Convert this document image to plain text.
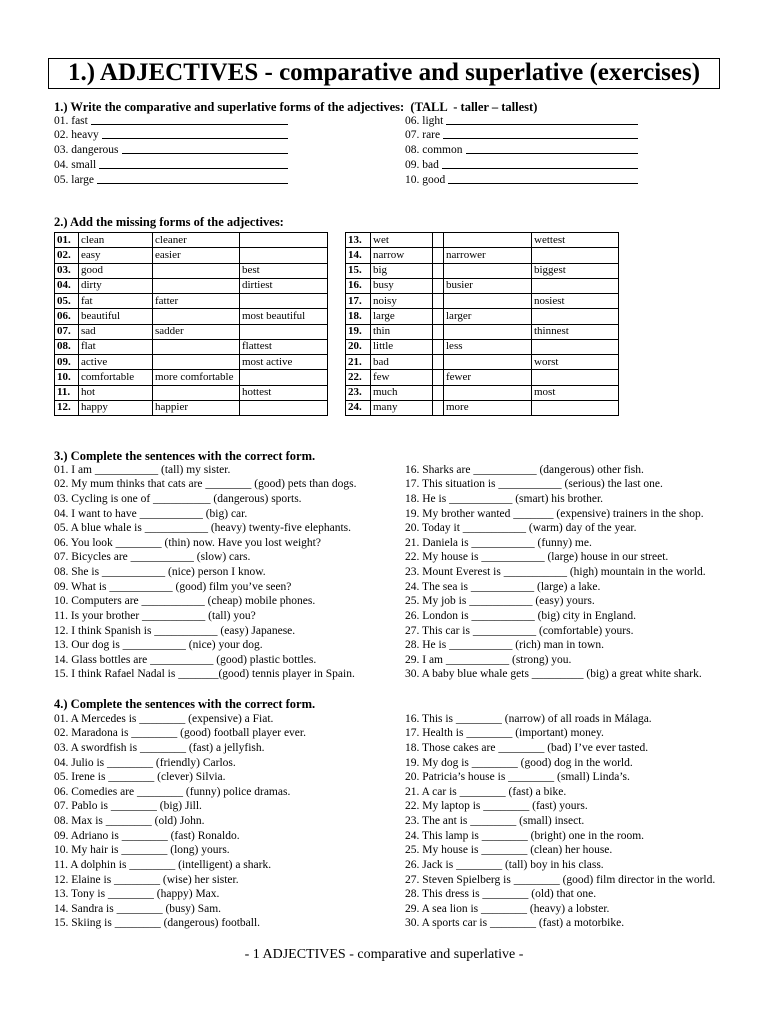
1.) ADJECTIVES - comparative and superlative (exercises)
1.) Write the comparative and superlative forms of the adjectives:  (TALL  - taller – tallest)
01. fast
02. heavy
03. dangerous
04. small
05. large
06. light
07. rare
08. common
09. bad
10. good
2.) Add the missing forms of the adjectives:
01.	clean	cleaner	
02.	easy	easier	
03.	good		best
04.	dirty		dirtiest
05.	fat	fatter	
06.	beautiful		most beautiful
07.	sad	sadder	
08.	flat		flattest
09.	active		most active
10.	comfortable	more comfortable	
11.	hot		hottest
12.	happy	happier	
13.	wet			wettest
14.	narrow		narrower	
15.	big			biggest
16.	busy		busier	
17.	noisy			nosiest
18.	large		larger	
19.	thin			thinnest
20.	little		less	
21.	bad			worst
22.	few		fewer	
23.	much			most
24.	many		more	
3.) Complete the sentences with the correct form.
01. I am ___________ (tall) my sister.
02. My mum thinks that cats are ________ (good) pets than dogs.
03. Cycling is one of __________ (dangerous) sports.
04. I want to have ___________ (big) car.
05. A blue whale is ___________ (heavy) twenty-five elephants.
06. You look ________ (thin) now. Have you lost weight?
07. Bicycles are ___________ (slow) cars.
08. She is ___________ (nice) person I know.
09. What is ___________ (good) film you’ve seen?
10. Computers are ___________ (cheap) mobile phones.
11. Is your brother ___________ (tall) you?
12. I think Spanish is ___________ (easy) Japanese.
13. Our dog is ___________ (nice) your dog.
14. Glass bottles are ___________ (good) plastic bottles.
15. I think Rafael Nadal is _______(good) tennis player in Spain.
16. Sharks are ___________ (dangerous) other fish.
17. This situation is ___________ (serious) the last one.
18. He is ___________ (smart) his brother.
19. My brother wanted _______ (expensive) trainers in the shop.
20. Today it ___________ (warm) day of the year.
21. Daniela is ___________ (funny) me.
22. My house is ___________ (large) house in our street.
23. Mount Everest is ___________ (high) mountain in the world.
24. The sea is ___________ (large) a lake.
25. My job is ___________ (easy) yours.
26. London is ___________ (big) city in England.
27. This car is ___________ (comfortable) yours.
28. He is ___________ (rich) man in town.
29. I am ___________ (strong) you.
30. A baby blue whale gets _________ (big) a great white shark.
4.) Complete the sentences with the correct form.
01. A Mercedes is ________ (expensive) a Fiat.
02. Maradona is ________ (good) football player ever.
03. A swordfish is ________ (fast) a jellyfish.
04. Julio is ________ (friendly) Carlos.
05. Irene is ________ (clever) Silvia.
06. Comedies are ________ (funny) police dramas.
07. Pablo is ________ (big) Jill.
08. Max is ________ (old) John.
09. Adriano is ________ (fast) Ronaldo.
10. My hair is ________ (long) yours.
11. A dolphin is ________ (intelligent) a shark.
12. Elaine is ________ (wise) her sister.
13. Tony is ________ (happy) Max.
14. Sandra is ________ (busy) Sam.
15. Skiing is ________ (dangerous) football.
16. This is ________ (narrow) of all roads in Málaga.
17. Health is ________ (important) money.
18. Those cakes are ________ (bad) I’ve ever tasted.
19. My dog is ________ (good) dog in the world.
20. Patricia’s house is ________ (small) Linda’s.
21. A car is ________ (fast) a bike.
22. My laptop is ________ (fast) yours.
23. The ant is ________ (small) insect.
24. This lamp is ________ (bright) one in the room.
25. My house is ________ (clean) her house.
26. Jack is ________ (tall) boy in his class.
27. Steven Spielberg is ________ (good) film director in the world.
28. This dress is ________ (old) that one.
29. A sea lion is ________ (heavy) a lobster.
30. A sports car is ________ (fast) a motorbike.
- 1 ADJECTIVES - comparative and superlative -
